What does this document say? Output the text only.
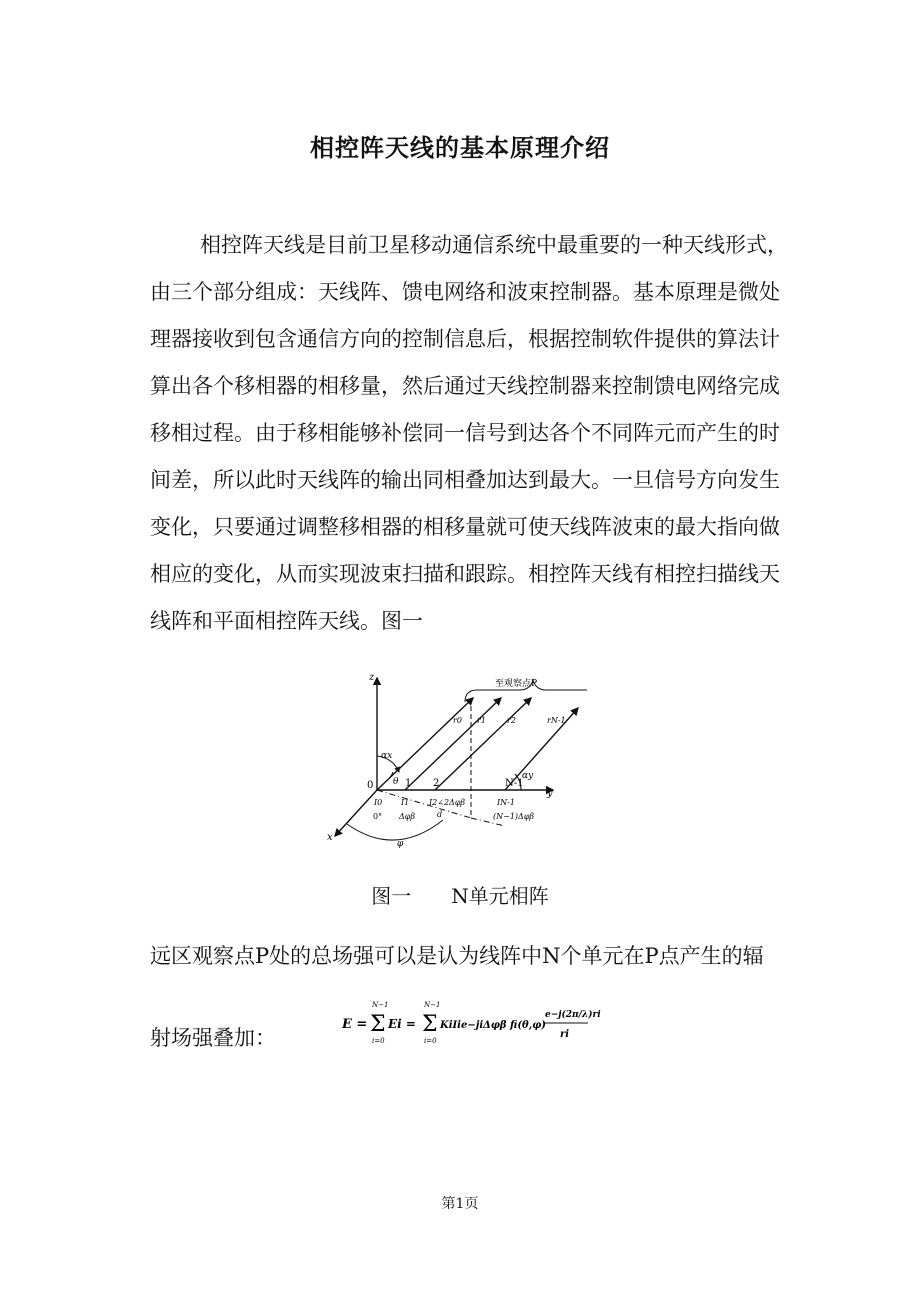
相控阵天线的基本原理介绍

相控阵天线是目前卫星移动通信系统中最重要的一种天线形式，
由三个部分组成：天线阵、馈电网络和波束控制器。基本原理是微处
理器接收到包含通信方向的控制信息后，根据控制软件提供的算法计
算出各个移相器的相移量，然后通过天线控制器来控制馈电网络完成
移相过程。由于移相能够补偿同一信号到达各个不同阵元而产生的时
间差，所以此时天线阵的输出同相叠加达到最大。一旦信号方向发生
变化，只要通过调整移相器的相移量就可使天线阵波束的最大指向做
相应的变化，从而实现波束扫描和跟踪。相控阵天线有相控扫描线天
线阵和平面相控阵天线。图一

z
y
x
至观察点P
r0 r1	r2	rN-1
αx
θ
αy
φ
0	1 2	N-1
I0 I1 I2∠2Δφβ	IN-1
0° Δφβ	(N−1)Δφβ
d
图一 N单元相阵
远区观察点P处的总场强可以是认为线阵中N个单元在P点产生的辐
射场强叠加：
E =
N−1
Σ
i=0
Ei =
N−1
Σ
i=0
KiIie−jiΔφβ fi(θ,φ)
e−j(2π/λ)ri
ri
第1页
